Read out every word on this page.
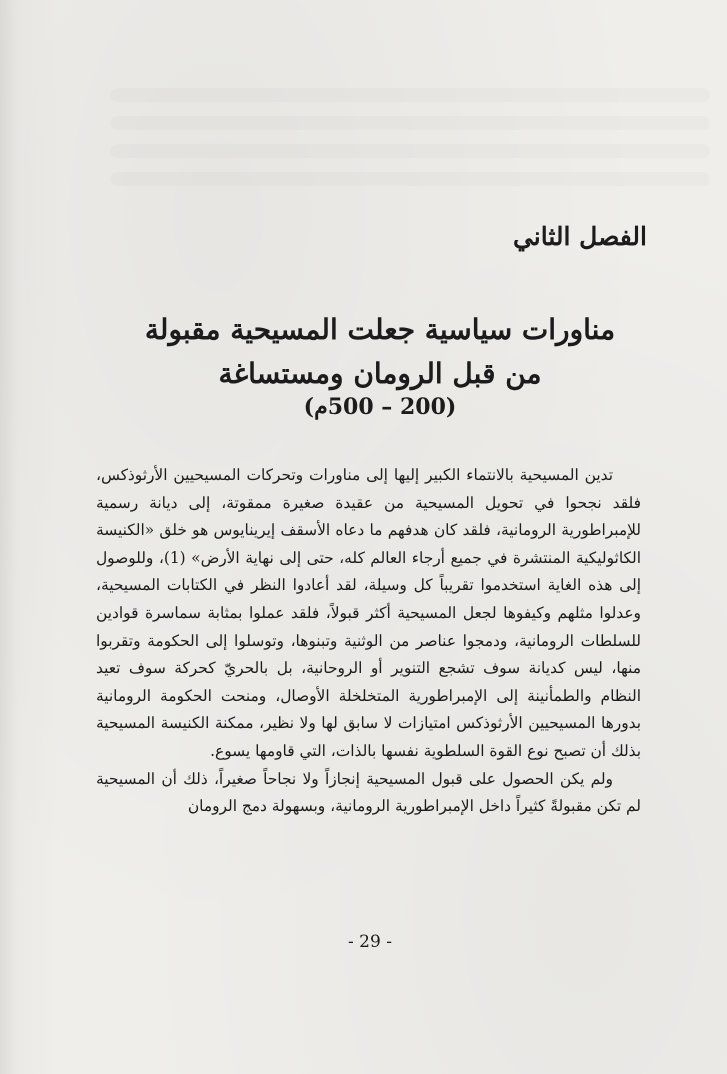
الفصل الثاني
مناورات سياسية جعلت المسيحية مقبولة من قبل الرومان ومستساغة
(200 – 500م)

تدين المسيحية بالانتماء الكبير إليها إلى مناورات وتحركات المسيحيين الأرثوذكس، فلقد نجحوا في تحويل المسيحية من عقيدة صغيرة ممقوتة، إلى ديانة رسمية للإمبراطورية الرومانية، فلقد كان هدفهم ما دعاه الأسقف إيرينايوس هو خلق «الكنيسة الكاثوليكية المنتشرة في جميع أرجاء العالم كله، حتى إلى نهاية الأرض» (1)، وللوصول إلى هذه الغاية استخدموا تقريباً كل وسيلة، لقد أعادوا النظر في الكتابات المسيحية، وعدلوا مثلهم وكيفوها لجعل المسيحية أكثر قبولاً، فلقد عملوا بمثابة سماسرة قوادين للسلطات الرومانية، ودمجوا عناصر من الوثنية وتبنوها، وتوسلوا إلى الحكومة وتقربوا منها، ليس كديانة سوف تشجع التنوير أو الروحانية، بل بالحريّ كحركة سوف تعيد النظام والطمأنينة إلى الإمبراطورية المتخلخلة الأوصال، ومنحت الحكومة الرومانية بدورها المسيحيين الأرثوذكس امتيازات لا سابق لها ولا نظير، ممكنة الكنيسة المسيحية بذلك أن تصبح نوع القوة السلطوية نفسها بالذات، التي قاومها يسوع.

ولم يكن الحصول على قبول المسيحية إنجازاً ولا نجاحاً صغيراً، ذلك أن المسيحية لم تكن مقبولةً كثيراً داخل الإمبراطورية الرومانية، وبسهولة دمج الرومان

- 29 -
